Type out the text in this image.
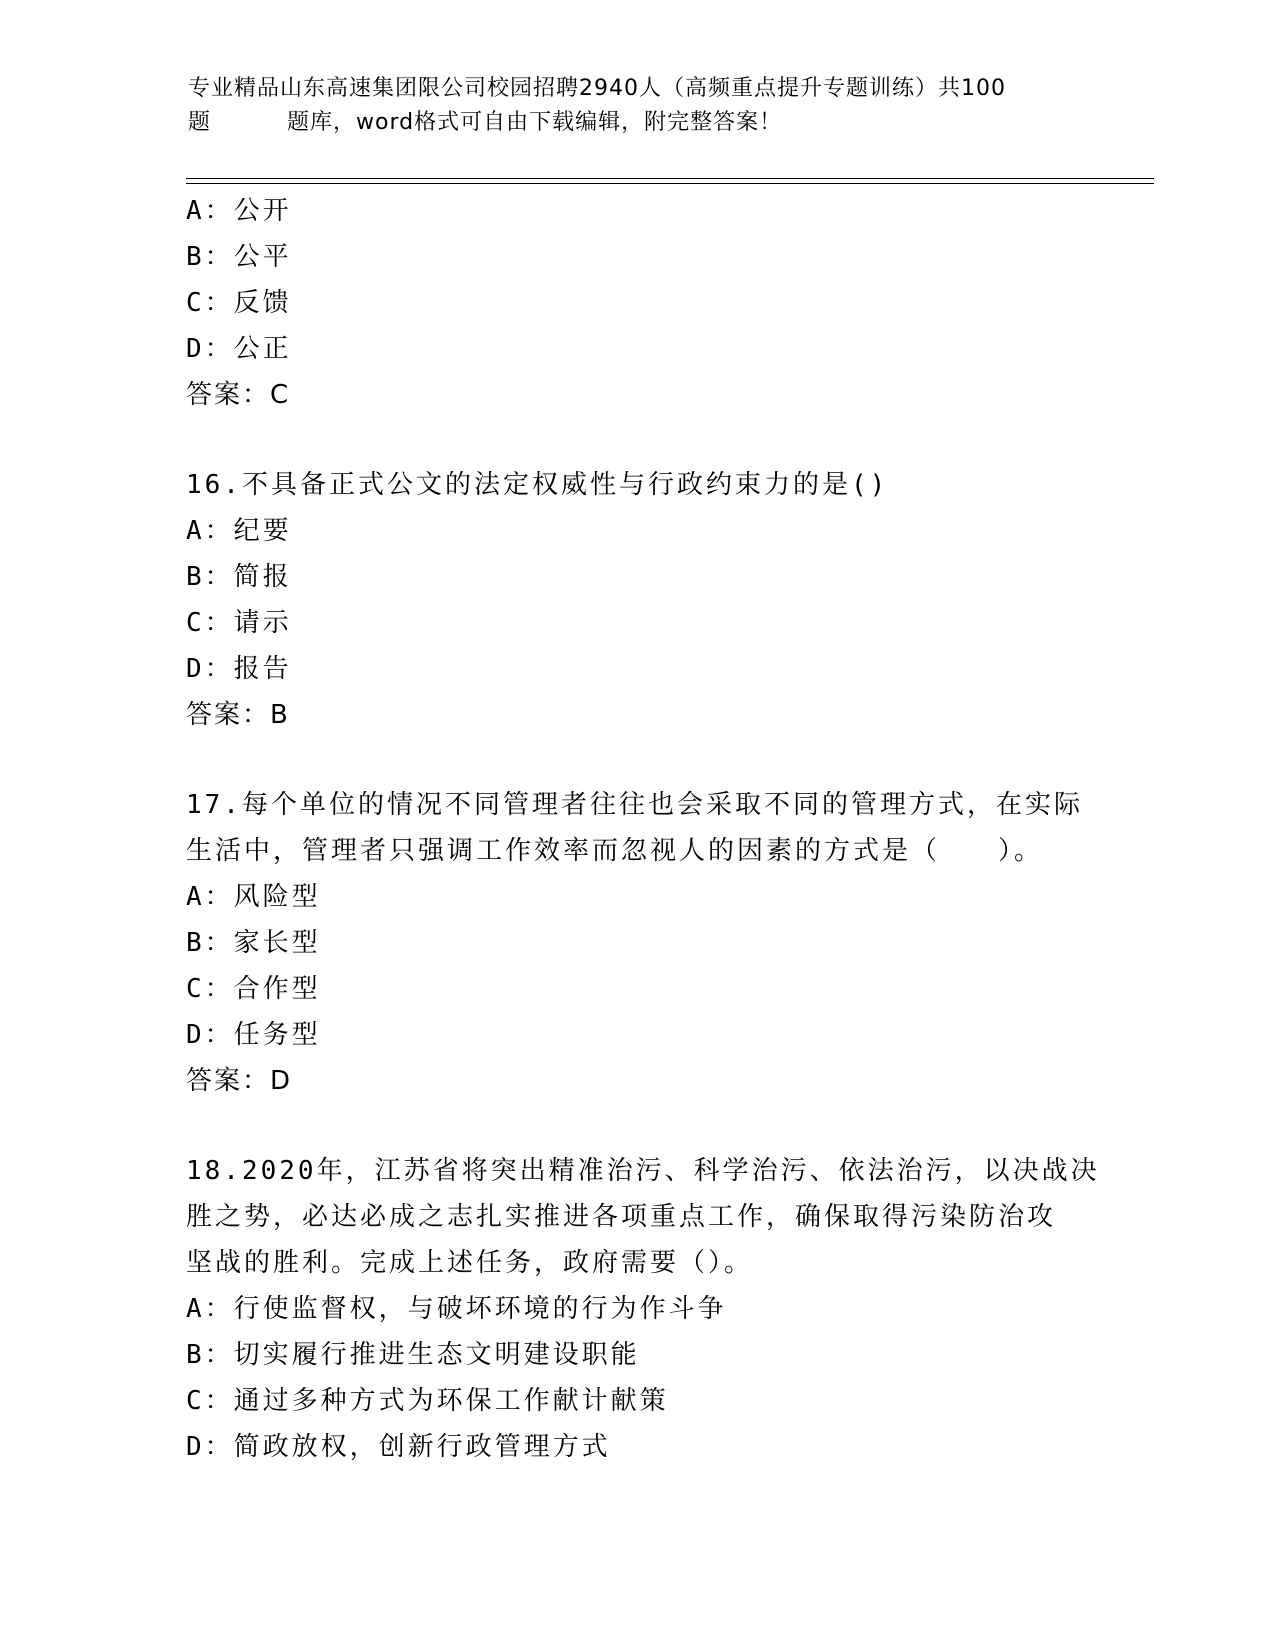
专业精品山东高速集团限公司校园招聘2940人（高频重点提升专题训练）共100
题	题库，word格式可自由下载编辑，附完整答案！
A：公开
B：公平
C：反馈
D：公正
答案：C
16.不具备正式公文的法定权威性与行政约束力的是()
A：纪要
B：简报
C：请示
D：报告
答案：B
17.每个单位的情况不同管理者往往也会采取不同的管理方式，在实际
生活中，管理者只强调工作效率而忽视人的因素的方式是（　　）。
A：风险型
B：家长型
C：合作型
D：任务型
答案：D
18.2020年，江苏省将突出精准治污、科学治污、依法治污，以决战决
胜之势，必达必成之志扎实推进各项重点工作，确保取得污染防治攻
坚战的胜利。完成上述任务，政府需要（）。
A：行使监督权，与破坏环境的行为作斗争
B：切实履行推进生态文明建设职能
C：通过多种方式为环保工作献计献策
D：简政放权，创新行政管理方式
